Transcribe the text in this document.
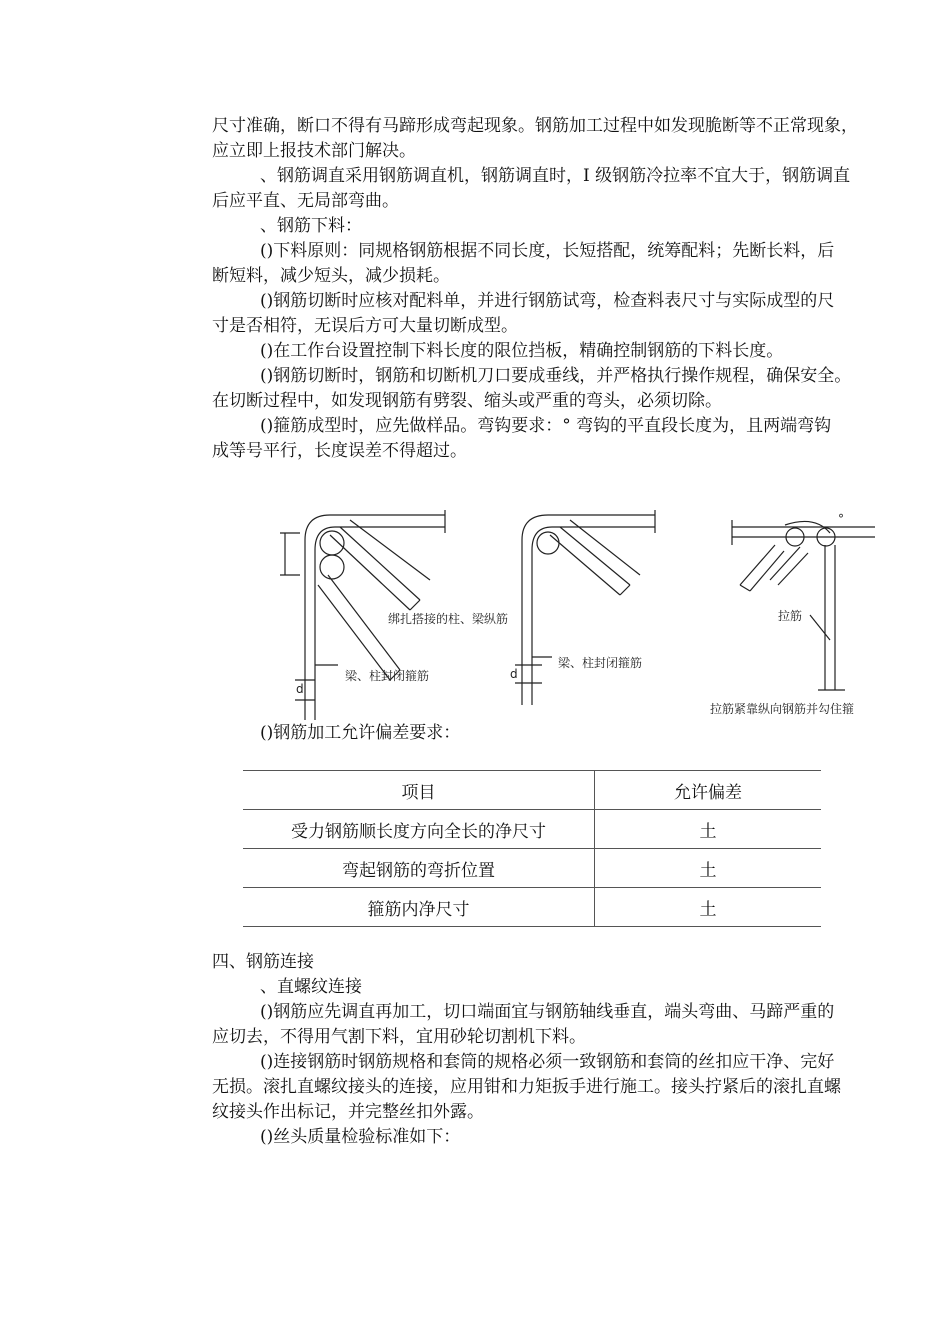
尺寸准确，断口不得有马蹄形成弯起现象。钢筋加工过程中如发现脆断等不正常现象，
应立即上报技术部门解决。
、钢筋调直采用钢筋调直机，钢筋调直时，I 级钢筋冷拉率不宜大于，钢筋调直
后应平直、无局部弯曲。
、钢筋下料：
()下料原则：同规格钢筋根据不同长度，长短搭配，统筹配料；先断长料，后
断短料，减少短头，减少损耗。
()钢筋切断时应核对配料单，并进行钢筋试弯，检查料表尺寸与实际成型的尺
寸是否相符，无误后方可大量切断成型。
()在工作台设置控制下料长度的限位挡板，精确控制钢筋的下料长度。
()钢筋切断时，钢筋和切断机刀口要成垂线，并严格执行操作规程，确保安全。
在切断过程中，如发现钢筋有劈裂、缩头或严重的弯头，必须切除。
()箍筋成型时，应先做样品。弯钩要求：° 弯钩的平直段长度为，且两端弯钩
成等号平行，长度误差不得超过。
绑扎搭接的柱、梁纵筋
梁、柱封闭箍筋
梁、柱封闭箍筋
拉筋
拉筋紧靠纵向钢筋并勾住箍
d
d
°
()钢筋加工允许偏差要求：
项目	允许偏差
受力钢筋顺长度方向全长的净尺寸	土
弯起钢筋的弯折位置	土
箍筋内净尺寸	土
四、钢筋连接
、直螺纹连接
()钢筋应先调直再加工，切口端面宜与钢筋轴线垂直，端头弯曲、马蹄严重的
应切去，不得用气割下料，宜用砂轮切割机下料。
()连接钢筋时钢筋规格和套筒的规格必须一致钢筋和套筒的丝扣应干净、完好
无损。滚扎直螺纹接头的连接，应用钳和力矩扳手进行施工。接头拧紧后的滚扎直螺
纹接头作出标记，并完整丝扣外露。
()丝头质量检验标准如下：
